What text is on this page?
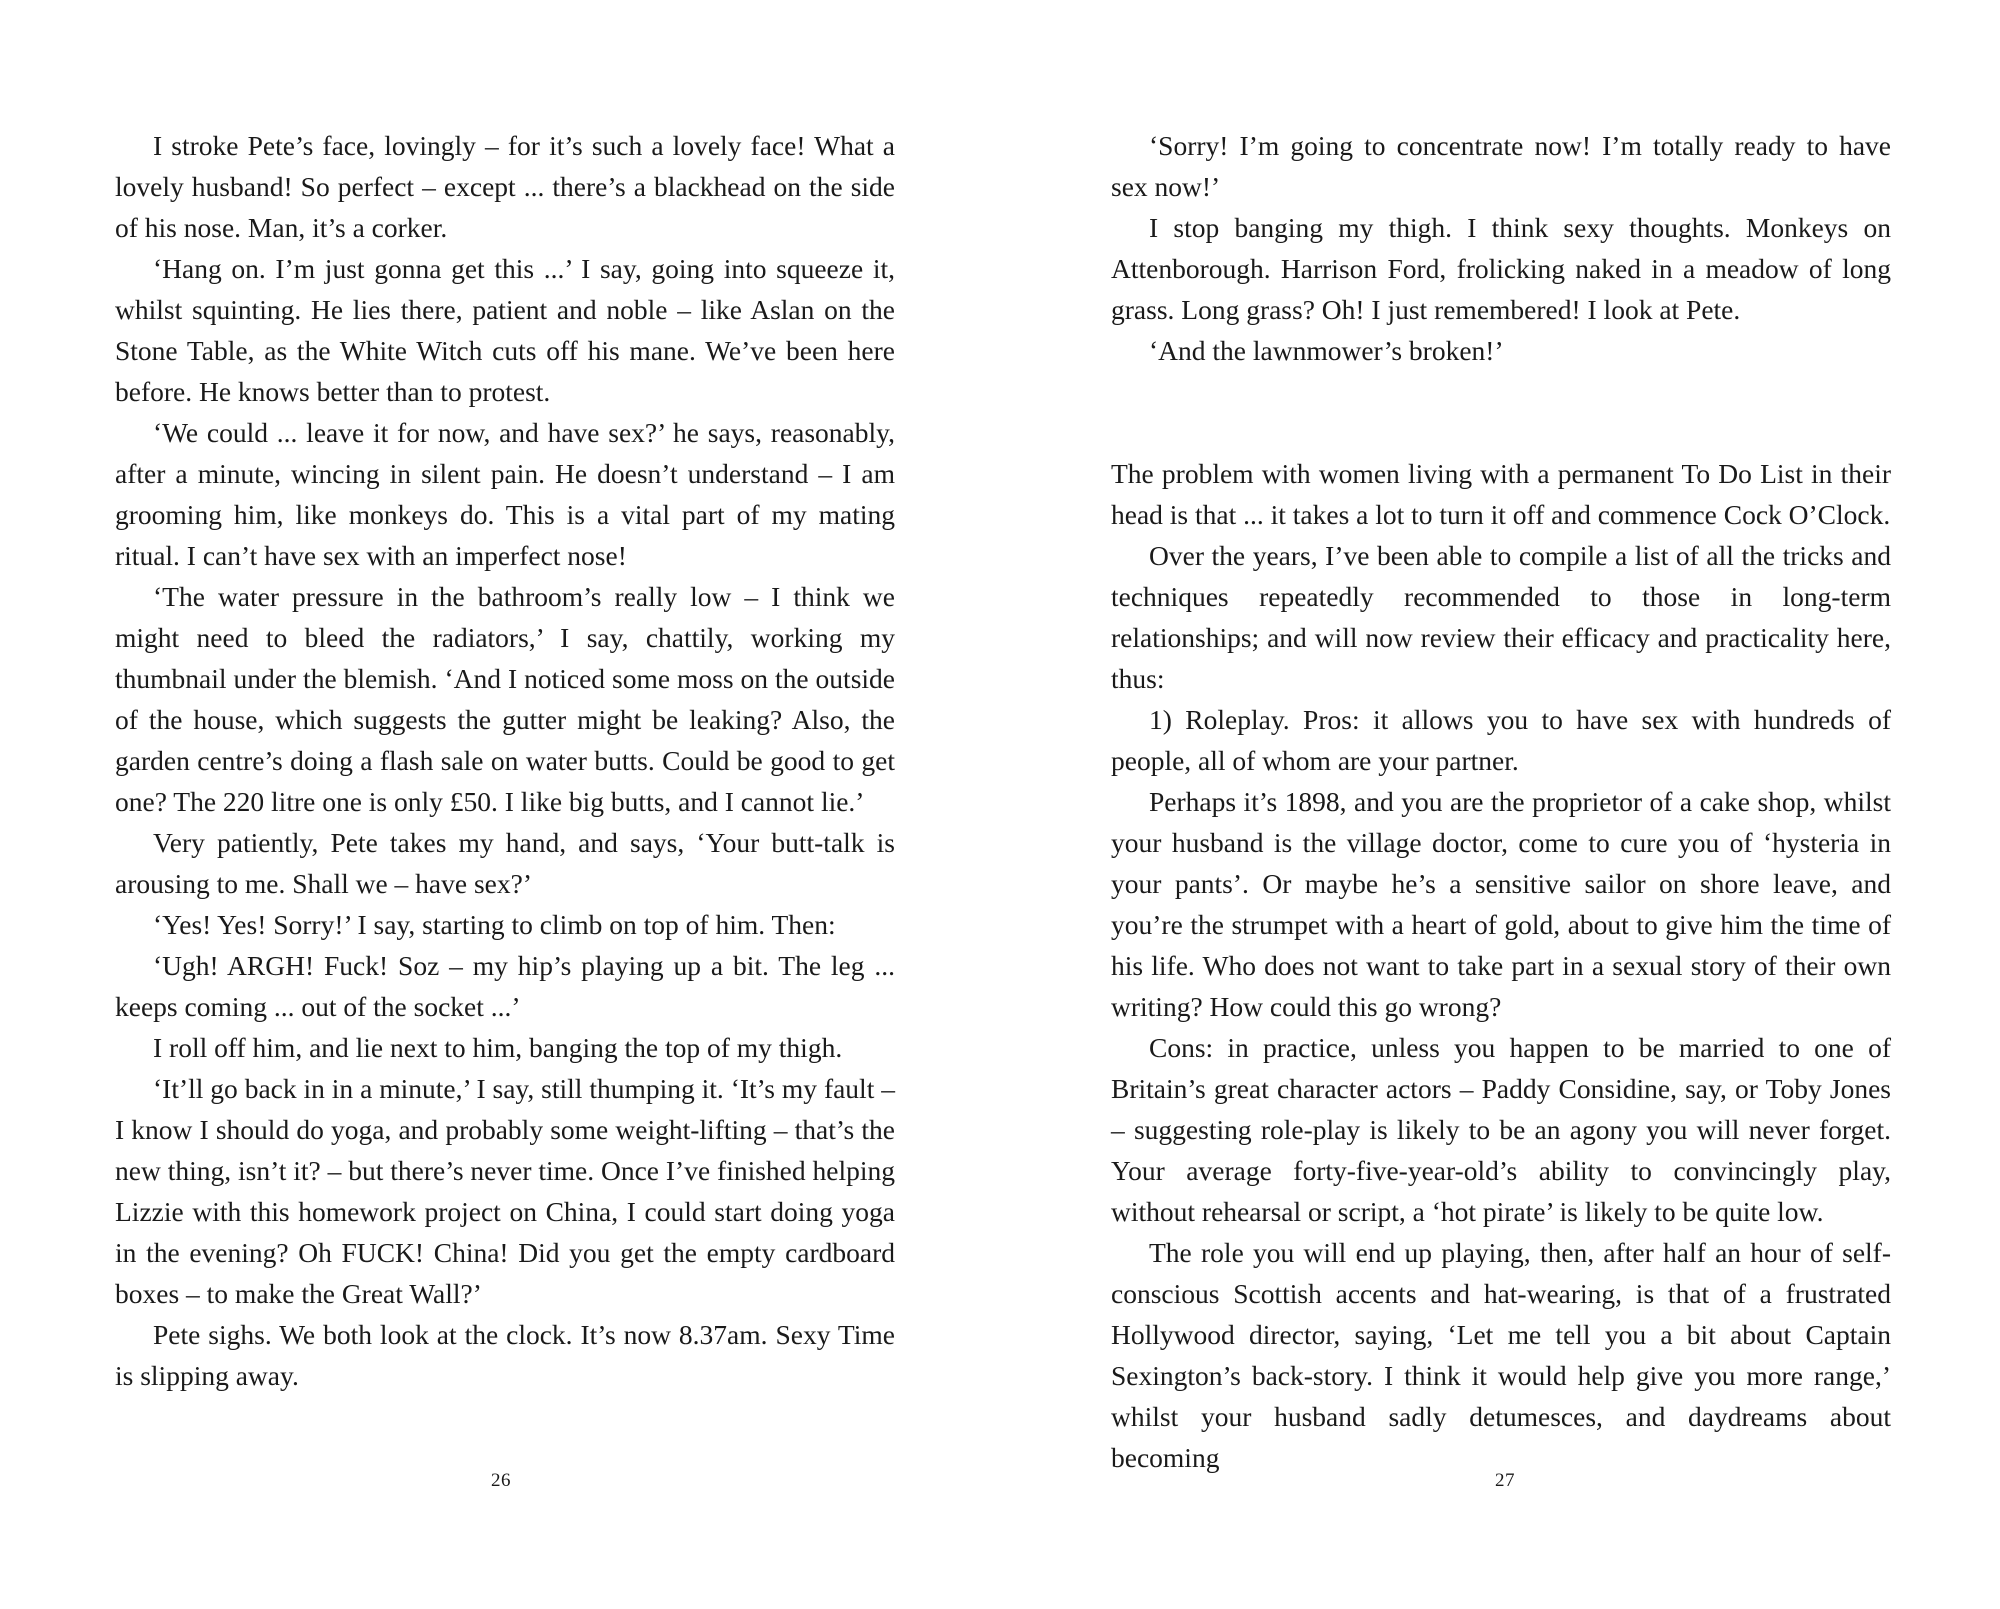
I stroke Pete’s face, lovingly – for it’s such a lovely face! What a lovely husband! So perfect – except ... there’s a blackhead on the side of his nose. Man, it’s a corker.

‘Hang on. I’m just gonna get this ...’ I say, going into squeeze it, whilst squinting. He lies there, patient and noble – like Aslan on the Stone Table, as the White Witch cuts off his mane. We’ve been here before. He knows better than to protest.

‘We could ... leave it for now, and have sex?’ he says, reasonably, after a minute, wincing in silent pain. He doesn’t understand – I am grooming him, like monkeys do. This is a vital part of my mating ritual. I can’t have sex with an imperfect nose!

‘The water pressure in the bathroom’s really low – I think we might need to bleed the radiators,’ I say, chattily, working my thumbnail under the blemish. ‘And I noticed some moss on the outside of the house, which suggests the gutter might be leaking? Also, the garden centre’s doing a flash sale on water butts. Could be good to get one? The 220 litre one is only £50. I like big butts, and I cannot lie.’

Very patiently, Pete takes my hand, and says, ‘Your butt-talk is arousing to me. Shall we – have sex?’

‘Yes! Yes! Sorry!’ I say, starting to climb on top of him. Then:

‘Ugh! ARGH! Fuck! Soz – my hip’s playing up a bit. The leg ... keeps coming ... out of the socket ...’

I roll off him, and lie next to him, banging the top of my thigh.

‘It’ll go back in in a minute,’ I say, still thumping it. ‘It’s my fault – I know I should do yoga, and probably some weight-lifting – that’s the new thing, isn’t it? – but there’s never time. Once I’ve finished helping Lizzie with this homework project on China, I could start doing yoga in the evening? Oh FUCK! China! Did you get the empty cardboard boxes – to make the Great Wall?’

Pete sighs. We both look at the clock. It’s now 8.37am. Sexy Time is slipping away.

26

‘Sorry! I’m going to concentrate now! I’m totally ready to have sex now!’

I stop banging my thigh. I think sexy thoughts. Monkeys on Attenborough. Harrison Ford, frolicking naked in a meadow of long grass. Long grass? Oh! I just remembered! I look at Pete.

‘And the lawnmower’s broken!’

The problem with women living with a permanent To Do List in their head is that ... it takes a lot to turn it off and commence Cock O’Clock.

Over the years, I’ve been able to compile a list of all the tricks and techniques repeatedly recommended to those in long-term relationships; and will now review their efficacy and practicality here, thus:

1) Roleplay. Pros: it allows you to have sex with hundreds of people, all of whom are your partner.

Perhaps it’s 1898, and you are the proprietor of a cake shop, whilst your husband is the village doctor, come to cure you of ‘hysteria in your pants’. Or maybe he’s a sensitive sailor on shore leave, and you’re the strumpet with a heart of gold, about to give him the time of his life. Who does not want to take part in a sexual story of their own writing? How could this go wrong?

Cons: in practice, unless you happen to be married to one of Britain’s great character actors – Paddy Considine, say, or Toby Jones – suggesting role-play is likely to be an agony you will never forget. Your average forty-five-year-old’s ability to convincingly play, without rehearsal or script, a ‘hot pirate’ is likely to be quite low.

The role you will end up playing, then, after half an hour of self-conscious Scottish accents and hat-wearing, is that of a frustrated Hollywood director, saying, ‘Let me tell you a bit about Captain Sexington’s back-story. I think it would help give you more range,’ whilst your husband sadly detumesces, and daydreams about becoming

27
